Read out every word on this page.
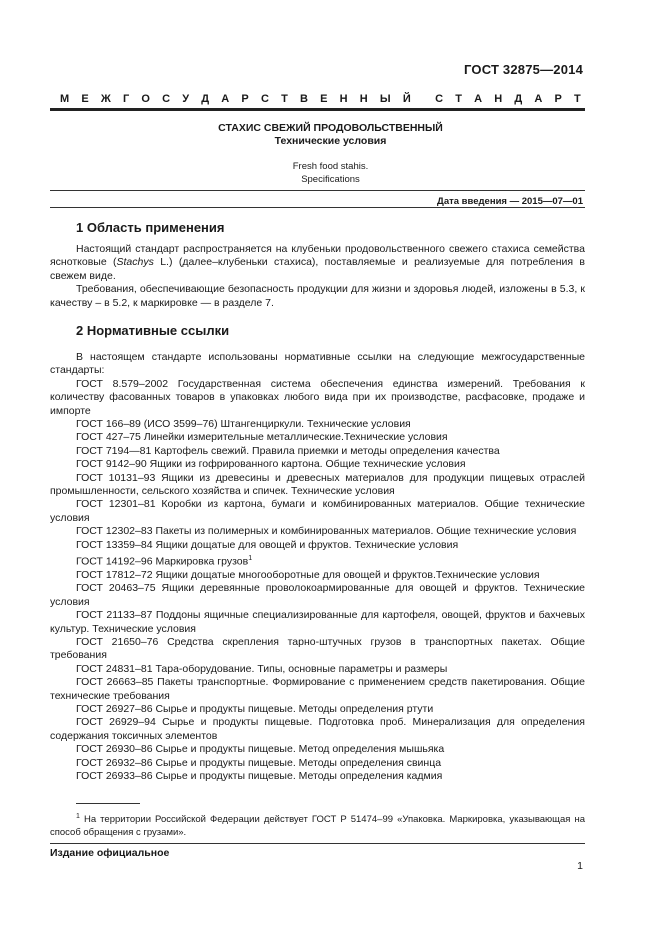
ГОСТ 32875—2014
М Е Ж Г О С У Д А Р С Т В Е Н Н Ы Й С Т А Н Д А Р Т
СТАХИС СВЕЖИЙ ПРОДОВОЛЬСТВЕННЫЙ
Технические условия
Fresh food stahis.
Specifications
Дата введения — 2015—07—01
1 Область применения

Настоящий стандарт распространяется на клубеньки продовольственного свежего стахиса семейства яснотковые (Stachys L.) (далее–клубеньки стахиса), поставляемые и реализуемые для потребления в свежем виде.

Требования, обеспечивающие безопасность продукции для жизни и здоровья людей, изложены в 5.3, к качеству – в 5.2, к маркировке — в разделе 7.

2 Нормативные ссылки

В настоящем стандарте использованы нормативные ссылки на следующие межгосударственные стандарты:

ГОСТ 8.579–2002 Государственная система обеспечения единства измерений. Требования к количеству фасованных товаров в упаковках любого вида при их производстве, расфасовке, продаже и импорте

ГОСТ 166–89 (ИСО 3599–76) Штангенциркули. Технические условия

ГОСТ 427–75 Линейки измерительные металлические.Технические условия

ГОСТ 7194—81 Картофель свежий. Правила приемки и методы определения качества

ГОСТ 9142–90 Ящики из гофрированного картона. Общие технические условия

ГОСТ 10131–93 Ящики из древесины и древесных материалов для продукции пищевых отраслей промышленности, сельского хозяйства и спичек. Технические условия

ГОСТ 12301–81 Коробки из картона, бумаги и комбинированных материалов. Общие технические условия

ГОСТ 12302–83 Пакеты из полимерных и комбинированных материалов. Общие технические условия

ГОСТ 13359–84 Ящики дощатые для овощей и фруктов. Технические условия

ГОСТ 14192–96 Маркировка грузов$^1$

ГОСТ 17812–72 Ящики дощатые многооборотные для овощей и фруктов.Технические условия

ГОСТ 20463–75 Ящики деревянные проволокоармированные для овощей и фруктов. Технические условия

ГОСТ 21133–87 Поддоны ящичные специализированные для картофеля, овощей, фруктов и бахчевых культур. Технические условия

ГОСТ 21650–76 Средства скрепления тарно-штучных грузов в транспортных пакетах. Общие требования

ГОСТ 24831–81 Тара-оборудование. Типы, основные параметры и размеры

ГОСТ 26663–85 Пакеты транспортные. Формирование с применением средств пакетирования. Общие технические требования

ГОСТ 26927–86 Сырье и продукты пищевые. Методы определения ртути

ГОСТ 26929–94 Сырье и продукты пищевые. Подготовка проб. Минерализация для определения содержания токсичных элементов

ГОСТ 26930–86 Сырье и продукты пищевые. Метод определения мышьяка

ГОСТ 26932–86 Сырье и продукты пищевые. Методы определения свинца

ГОСТ 26933–86 Сырье и продукты пищевые. Методы определения кадмия

$^1$ На территории Российской Федерации действует ГОСТ Р 51474–99 «Упаковка. Маркировка, указывающая на способ обращения с грузами».

Издание официальное
1
